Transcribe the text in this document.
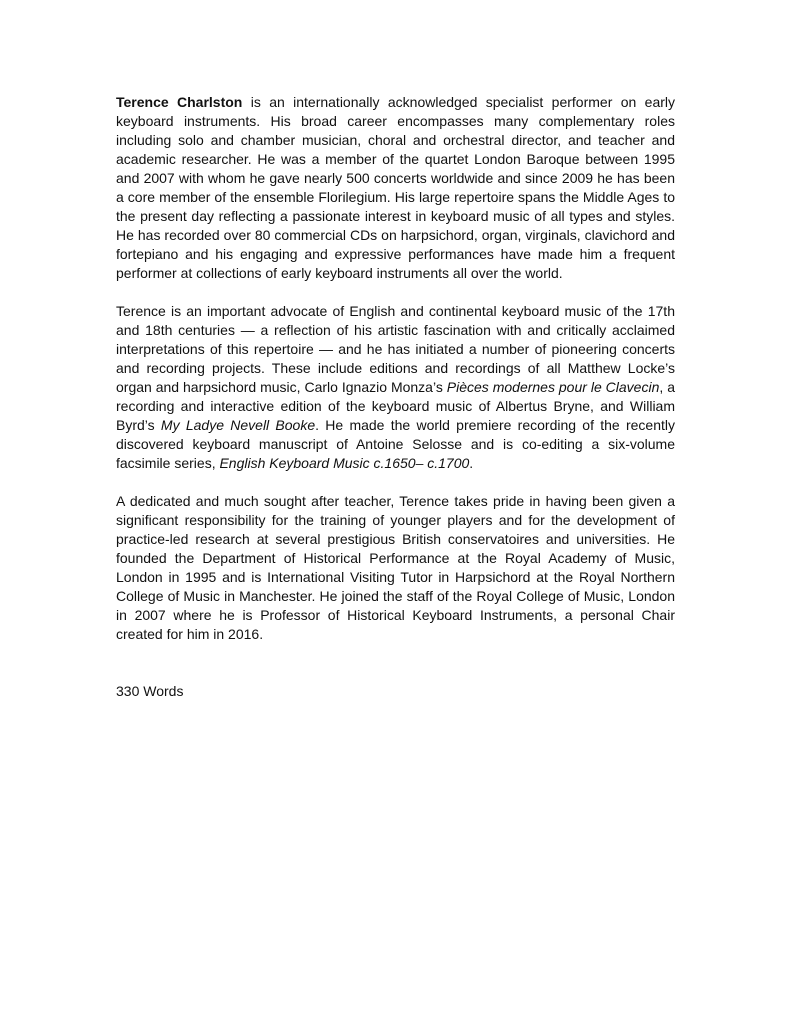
Terence Charlston is an internationally acknowledged specialist performer on early keyboard instruments. His broad career encompasses many complementary roles including solo and chamber musician, choral and orchestral director, and teacher and academic researcher. He was a member of the quartet London Baroque between 1995 and 2007 with whom he gave nearly 500 concerts worldwide and since 2009 he has been a core member of the ensemble Florilegium. His large repertoire spans the Middle Ages to the present day reflecting a passionate interest in keyboard music of all types and styles. He has recorded over 80 commercial CDs on harpsichord, organ, virginals, clavichord and fortepiano and his engaging and expressive performances have made him a frequent performer at collections of early keyboard instruments all over the world.

Terence is an important advocate of English and continental keyboard music of the 17th and 18th centuries — a reflection of his artistic fascination with and critically acclaimed interpretations of this repertoire — and he has initiated a number of pioneering concerts and recording projects. These include editions and recordings of all Matthew Locke’s organ and harpsichord music, Carlo Ignazio Monza’s Pièces modernes pour le Clavecin, a recording and interactive edition of the keyboard music of Albertus Bryne, and William Byrd’s My Ladye Nevell Booke. He made the world premiere recording of the recently discovered keyboard manuscript of Antoine Selosse and is co-editing a six-volume facsimile series, English Keyboard Music c.1650– c.1700.

A dedicated and much sought after teacher, Terence takes pride in having been given a significant responsibility for the training of younger players and for the development of practice-led research at several prestigious British conservatoires and universities. He founded the Department of Historical Performance at the Royal Academy of Music, London in 1995 and is International Visiting Tutor in Harpsichord at the Royal Northern College of Music in Manchester. He joined the staff of the Royal College of Music, London in 2007 where he is Professor of Historical Keyboard Instruments, a personal Chair created for him in 2016.

330 Words
